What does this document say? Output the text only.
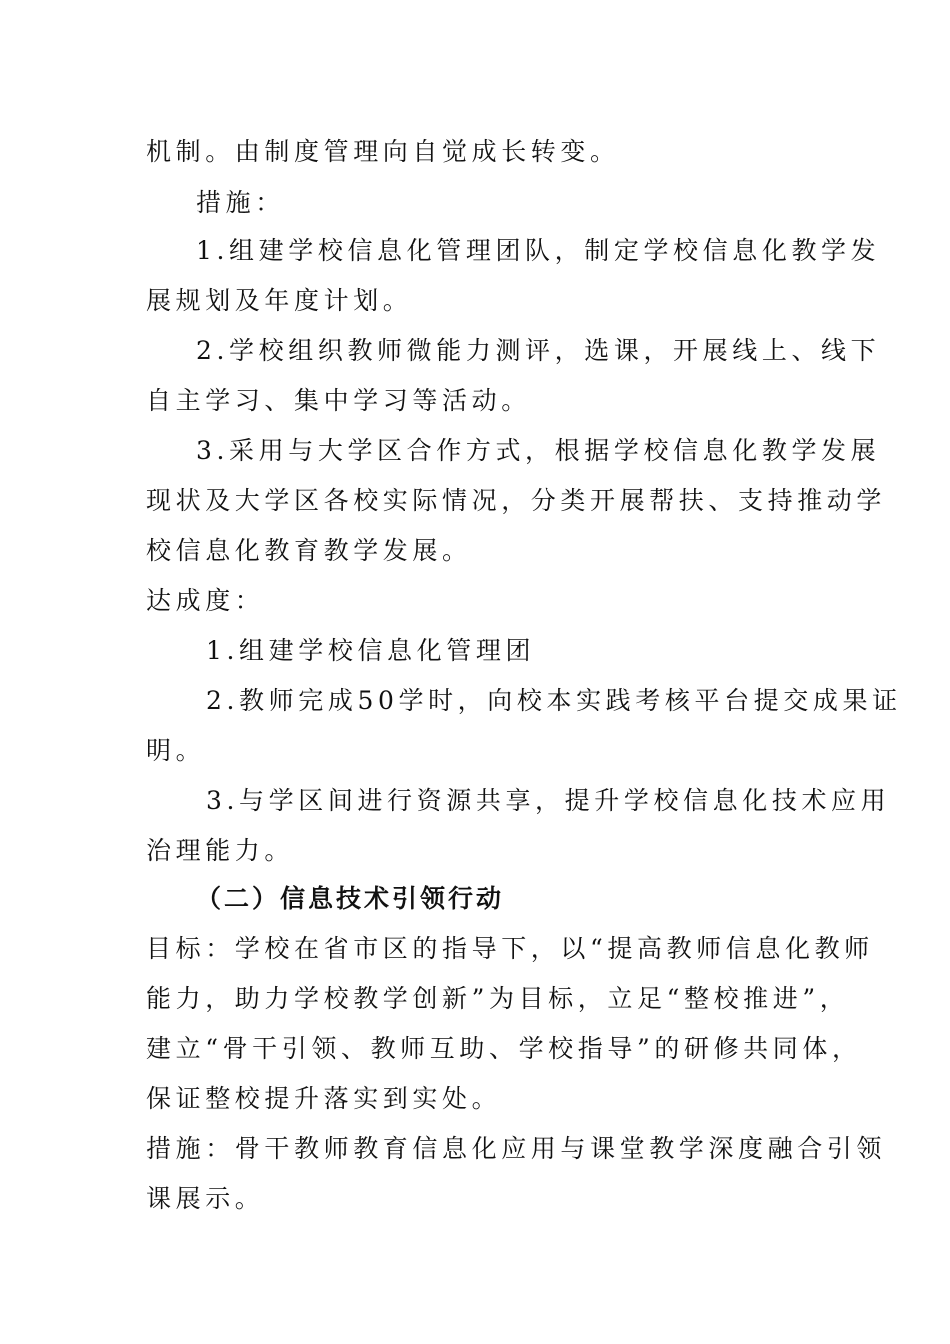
机制。由制度管理向自觉成长转变。
措施：
1.组建学校信息化管理团队，制定学校信息化教学发
展规划及年度计划。
2.学校组织教师微能力测评，选课，开展线上、线下
自主学习、集中学习等活动。
3.采用与大学区合作方式，根据学校信息化教学发展
现状及大学区各校实际情况，分类开展帮扶、支持推动学
校信息化教育教学发展。
达成度：
1.组建学校信息化管理团
2.教师完成50学时，向校本实践考核平台提交成果证
明。
3.与学区间进行资源共享，提升学校信息化技术应用
治理能力。
（二）信息技术引领行动
目标：学校在省市区的指导下，以“提高教师信息化教师
能力，助力学校教学创新”为目标，立足“整校推进”，
建立“骨干引领、教师互助、学校指导”的研修共同体，
保证整校提升落实到实处。
措施：骨干教师教育信息化应用与课堂教学深度融合引领
课展示。
